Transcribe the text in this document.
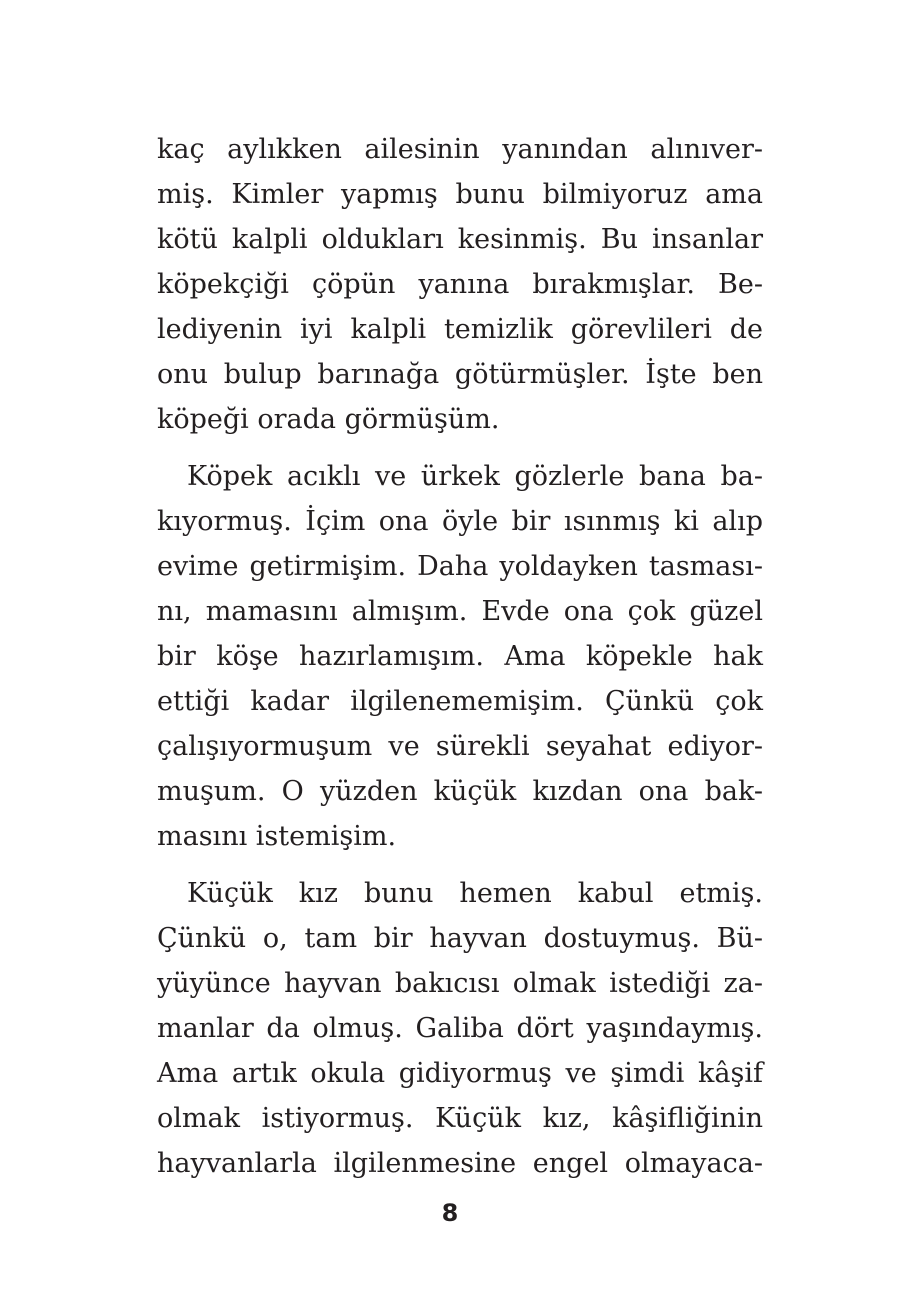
kaç aylıkken ailesinin yanından alınıver-
miş. Kimler yapmış bunu bilmiyoruz ama
kötü kalpli oldukları kesinmiş. Bu insanlar
köpekçiği çöpün yanına bırakmışlar. Be-
lediyenin iyi kalpli temizlik görevlileri de
onu bulup barınağa götürmüşler. İşte ben
köpeği orada görmüşüm.

Köpek acıklı ve ürkek gözlerle bana ba-
kıyormuş. İçim ona öyle bir ısınmış ki alıp
evime getirmişim. Daha yoldayken tasması-
nı, mamasını almışım. Evde ona çok güzel
bir köşe hazırlamışım. Ama köpekle hak
ettiği kadar ilgilenememişim. Çünkü çok
çalışıyormuşum ve sürekli seyahat ediyor-
muşum. O yüzden küçük kızdan ona bak-
masını istemişim.

Küçük kız bunu hemen kabul etmiş.
Çünkü o, tam bir hayvan dostuymuş. Bü-
yüyünce hayvan bakıcısı olmak istediği za-
manlar da olmuş. Galiba dört yaşındaymış.
Ama artık okula gidiyormuş ve şimdi kâşif
olmak istiyormuş. Küçük kız, kâşifliğinin
hayvanlarla ilgilenmesine engel olmayaca-

8
